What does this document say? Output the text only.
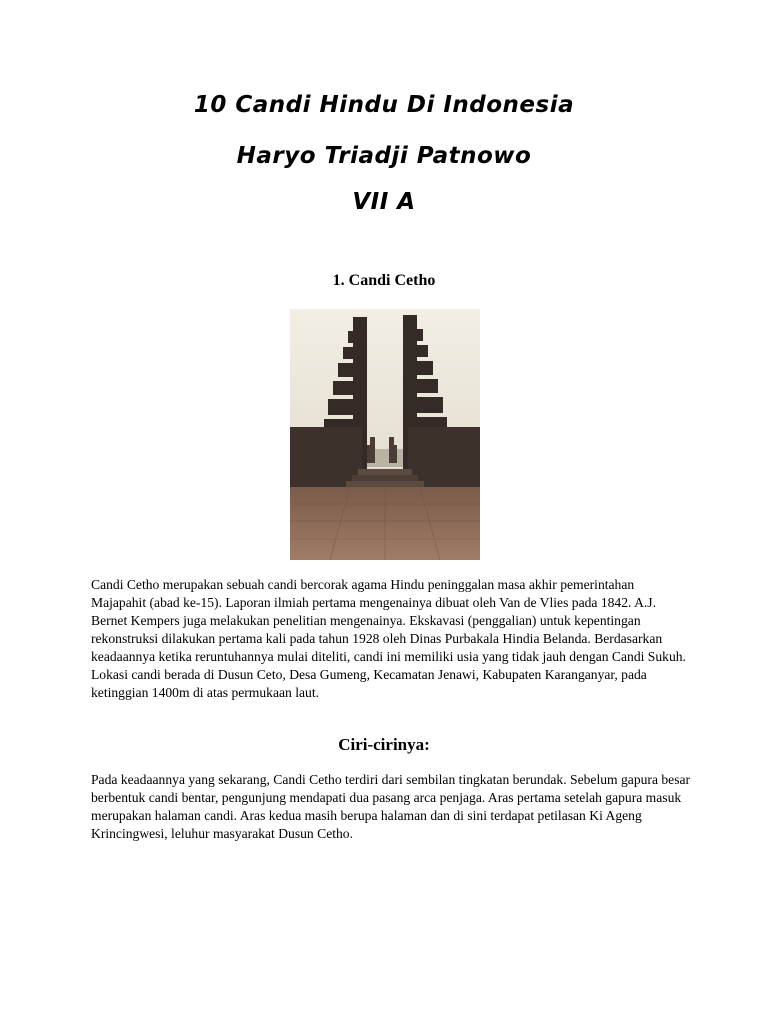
10 Candi Hindu Di Indonesia
Haryo Triadji Patnowo
VII A
1. Candi Cetho
Candi Cetho merupakan sebuah candi bercorak agama Hindu peninggalan masa akhir pemerintahan Majapahit (abad ke-15). Laporan ilmiah pertama mengenainya dibuat oleh Van de Vlies pada 1842. A.J. Bernet Kempers juga melakukan penelitian mengenainya. Ekskavasi (penggalian) untuk kepentingan rekonstruksi dilakukan pertama kali pada tahun 1928 oleh Dinas Purbakala Hindia Belanda. Berdasarkan keadaannya ketika reruntuhannya mulai diteliti, candi ini memiliki usia yang tidak jauh dengan Candi Sukuh. Lokasi candi berada di Dusun Ceto, Desa Gumeng, Kecamatan Jenawi, Kabupaten Karanganyar, pada ketinggian 1400m di atas permukaan laut.
Ciri-cirinya:
Pada keadaannya yang sekarang, Candi Cetho terdiri dari sembilan tingkatan berundak. Sebelum gapura besar berbentuk candi bentar, pengunjung mendapati dua pasang arca penjaga. Aras pertama setelah gapura masuk merupakan halaman candi. Aras kedua masih berupa halaman dan di sini terdapat petilasan Ki Ageng Krincingwesi, leluhur masyarakat Dusun Cetho.
